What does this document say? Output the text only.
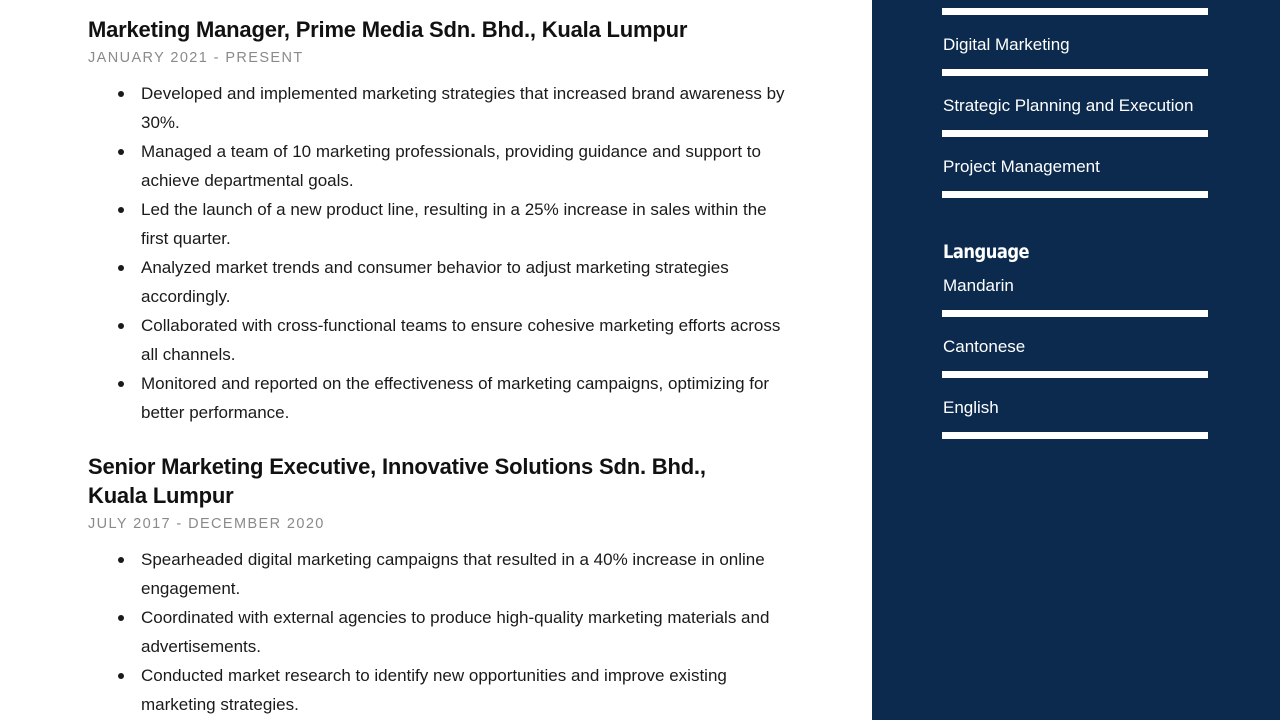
Marketing Manager, Prime Media Sdn. Bhd., Kuala Lumpur
JANUARY 2021 - PRESENT
Developed and implemented marketing strategies that increased brand awareness by 30%.
Managed a team of 10 marketing professionals, providing guidance and support to achieve departmental goals.
Led the launch of a new product line, resulting in a 25% increase in sales within the first quarter.
Analyzed market trends and consumer behavior to adjust marketing strategies accordingly.
Collaborated with cross-functional teams to ensure cohesive marketing efforts across all channels.
Monitored and reported on the effectiveness of marketing campaigns, optimizing for better performance.
Senior Marketing Executive, Innovative Solutions Sdn. Bhd., Kuala Lumpur
JULY 2017 - DECEMBER 2020
Spearheaded digital marketing campaigns that resulted in a 40% increase in online engagement.
Coordinated with external agencies to produce high-quality marketing materials and advertisements.
Conducted market research to identify new opportunities and improve existing marketing strategies.
Digital Marketing
Strategic Planning and Execution
Project Management
Language
Mandarin
Cantonese
English
